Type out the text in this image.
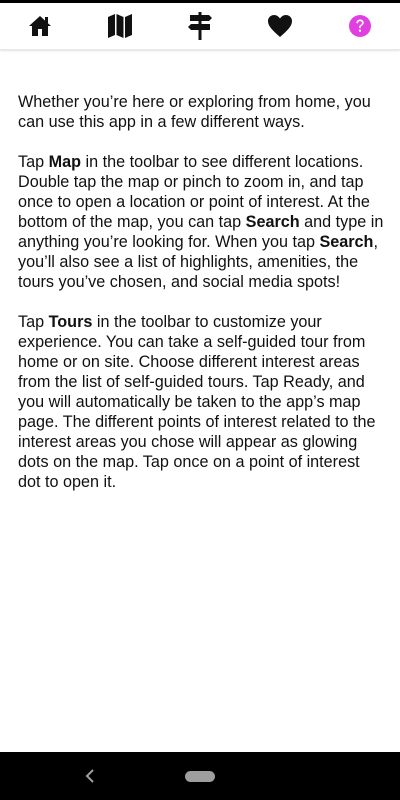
Whether you’re here or exploring from home, you can use this app in a few different ways.

Tap Map in the toolbar to see different locations. Double tap the map or pinch to zoom in, and tap once to open a location or point of interest. At the bottom of the map, you can tap Search and type in anything you’re looking for. When you tap Search, you’ll also see a list of highlights, amenities, the tours you’ve chosen, and social media spots!

Tap Tours in the toolbar to customize your experience. You can take a self-guided tour from home or on site. Choose different interest areas from the list of self-guided tours. Tap Ready, and you will automatically be taken to the app’s map page. The different points of interest related to the interest areas you chose will appear as glowing dots on the map. Tap once on a point of interest dot to open it.
